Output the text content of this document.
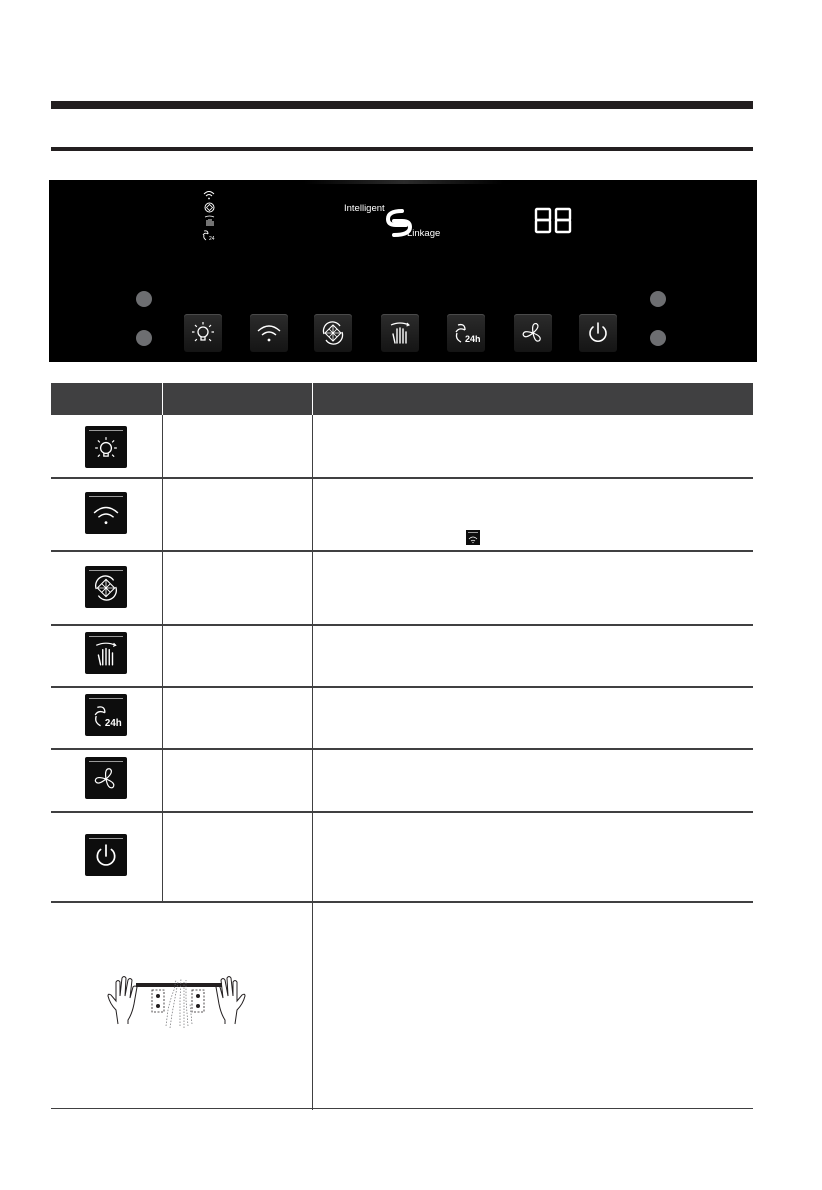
24
Intelligent
Linkage
24h
24h
